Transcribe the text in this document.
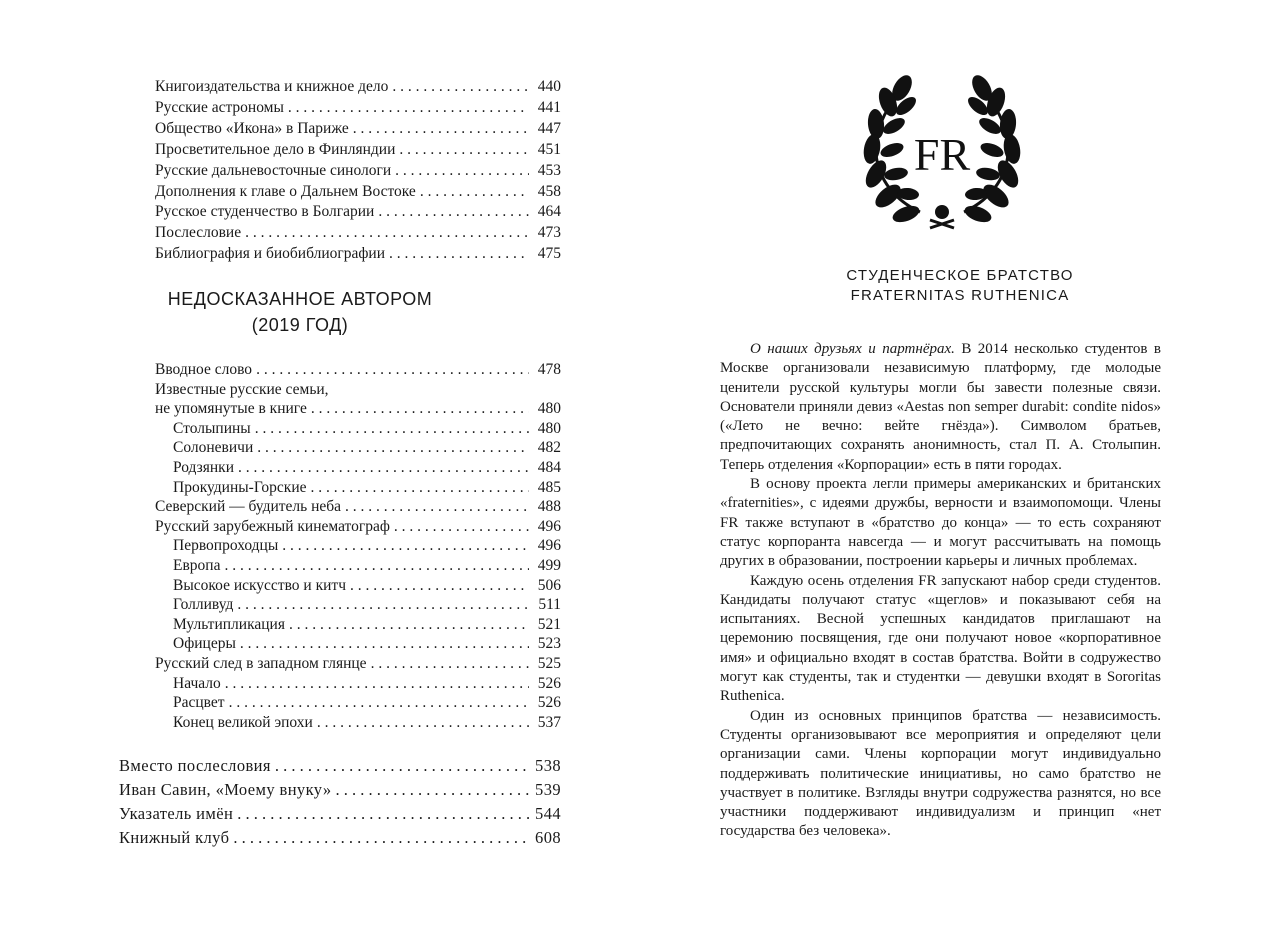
Книгоиздательства и книжное дело . . .	440
Русские астрономы . . .	441
Общество «Икона» в Париже . . .	447
Просветительное дело в Финляндии . . .	451
Русские дальневосточные синологи . . .	453
Дополнения к главе о Дальнем Востоке . . .	458
Русское студенчество в Болгарии . . .	464
Послесловие . . .	473
Библиография и биобиблиографии . . .	475
НЕДОСКАЗАННОЕ АВТОРОМ
(2019 ГОД)
Вводное слово . . .	478
Известные русские семьи,
не упомянутые в книге . . .	480
Столыпины . . .	480
Солоневичи . . .	482
Родзянки . . .	484
Прокудины-Горские . . .	485
Северский — будитель неба . . .	488
Русский зарубежный кинематограф . . .	496
Первопроходцы . . .	496
Европа . . .	499
Высокое искусство и китч . . .	506
Голливуд . . .	511
Мультипликация . . .	521
Офицеры . . .	523
Русский след в западном глянце . . .	525
Начало . . .	526
Расцвет . . .	526
Конец великой эпохи . . .	537
Вместо послесловия . . .	538
Иван Савин, «Моему внуку» . . .	539
Указатель имён . . .	544
Книжный клуб . . .	608
FR
СТУДЕНЧЕСКОЕ БРАТСТВО
FRATERNITAS RUTHENICA

О наших друзьях и партнёрах. В 2014 несколько студентов в Москве организовали независимую платформу, где молодые ценители русской культуры могли бы завести полезные связи. Основатели приняли девиз «Aestas non semper durabit: condite nidos» («Лето не вечно: вейте гнёзда»). Символом братьев, предпочитающих сохранять анонимность, стал П. А. Столыпин. Теперь отделения «Корпорации» есть в пяти городах.

В основу проекта легли примеры американских и британских «fraternities», с идеями дружбы, верности и взаимопомощи. Члены FR также вступают в «братство до конца» — то есть сохраняют статус корпоранта навсегда — и могут рассчитывать на помощь других в образовании, построении карьеры и личных проблемах.

Каждую осень отделения FR запускают набор среди студентов. Кандидаты получают статус «щеглов» и показывают себя на испытаниях. Весной успешных кандидатов приглашают на церемонию посвящения, где они получают новое «корпоративное имя» и официально входят в состав братства. Войти в содружество могут как студенты, так и студентки — девушки входят в Sororitas Ruthenica.

Один из основных принципов братства — независимость. Студенты организовывают все мероприятия и определяют цели организации сами. Члены корпорации могут индивидуально поддерживать политические инициативы, но само братство не участвует в политике. Взгляды внутри содружества разнятся, но все участники поддерживают индивидуализм и принцип «нет государства без человека».
